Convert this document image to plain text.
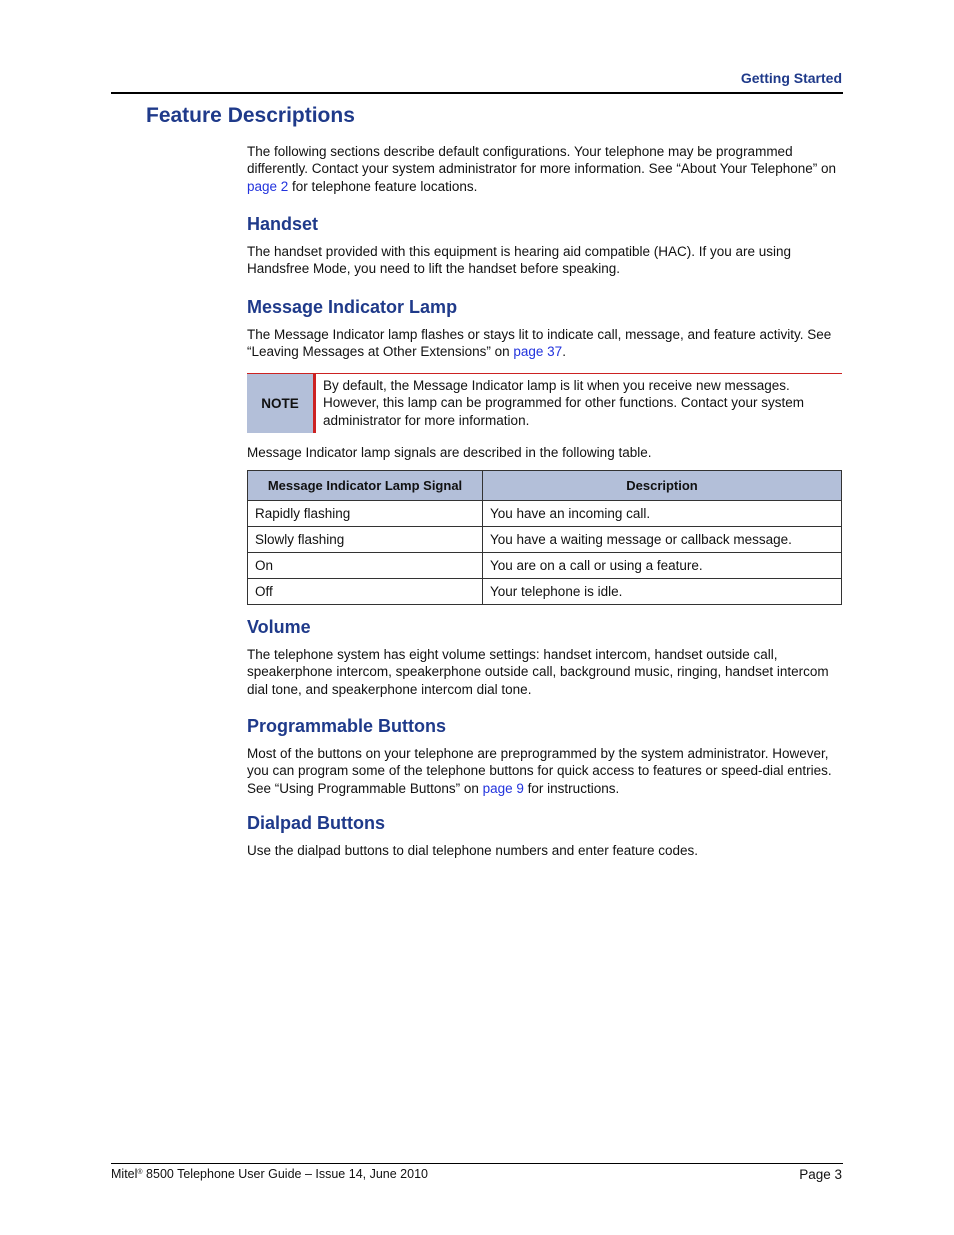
Getting Started
Feature Descriptions

The following sections describe default configurations. Your telephone may be programmed differently. Contact your system administrator for more information. See “About Your Telephone” on page 2 for telephone feature locations.

Handset

The handset provided with this equipment is hearing aid compatible (HAC). If you are using Handsfree Mode, you need to lift the handset before speaking.

Message Indicator Lamp

The Message Indicator lamp flashes or stays lit to indicate call, message, and feature activity. See “Leaving Messages at Other Extensions” on page 37.

NOTE
By default, the Message Indicator lamp is lit when you receive new messages. However, this lamp can be programmed for other functions. Contact your system administrator for more information.

Message Indicator lamp signals are described in the following table.

Message Indicator Lamp Signal	Description
Rapidly flashing	You have an incoming call.
Slowly flashing	You have a waiting message or callback message.
On	You are on a call or using a feature.
Off	Your telephone is idle.
Volume

The telephone system has eight volume settings: handset intercom, handset outside call, speakerphone intercom, speakerphone outside call, background music, ringing, handset intercom dial tone, and speakerphone intercom dial tone.

Programmable Buttons

Most of the buttons on your telephone are preprogrammed by the system administrator. However, you can program some of the telephone buttons for quick access to features or speed-dial entries. See “Using Programmable Buttons” on page 9 for instructions.

Dialpad Buttons

Use the dialpad buttons to dial telephone numbers and enter feature codes.

Mitel® 8500 Telephone User Guide – Issue 14, June 2010	Page 3
